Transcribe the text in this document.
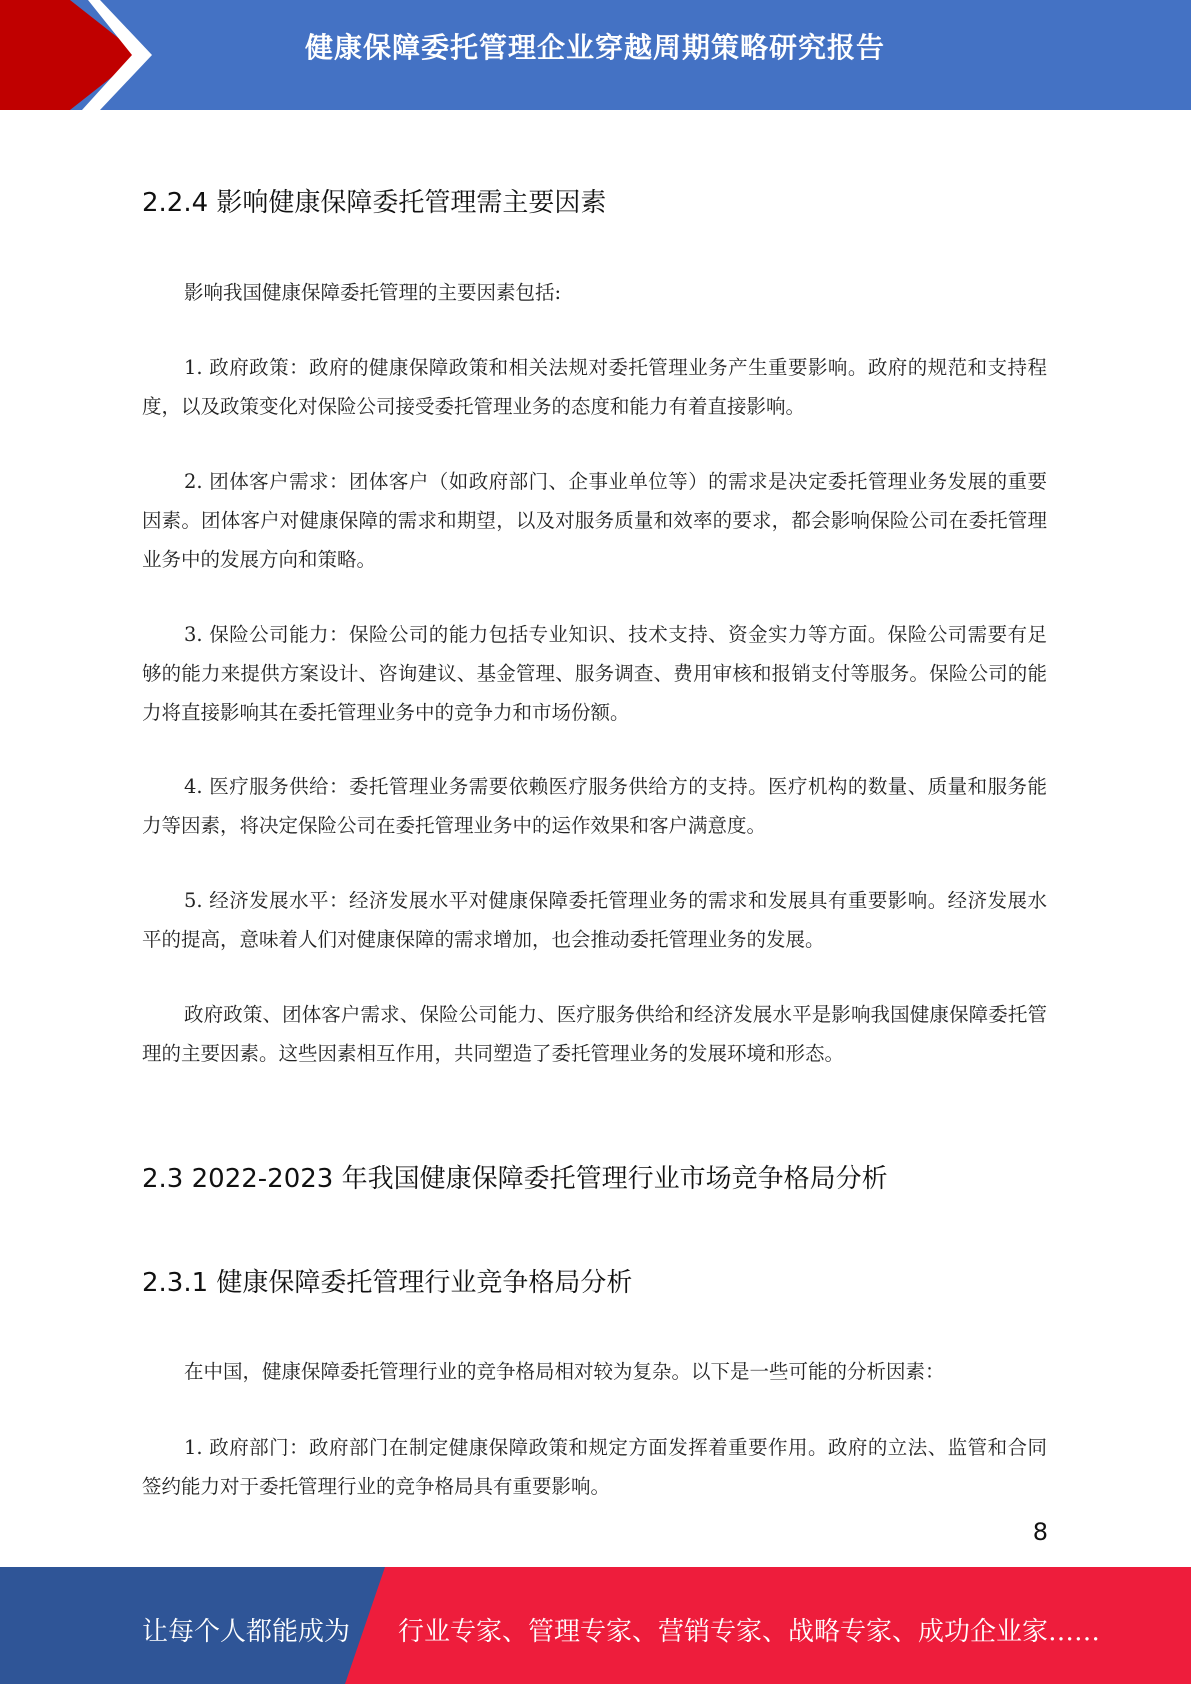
健康保障委托管理企业穿越周期策略研究报告
2.2.4 影响健康保障委托管理需主要因素
影响我国健康保障委托管理的主要因素包括:
1. 政府政策：政府的健康保障政策和相关法规对委托管理业务产生重要影响。政府的规范和支持程度，以及政策变化对保险公司接受委托管理业务的态度和能力有着直接影响。
2. 团体客户需求：团体客户（如政府部门、企事业单位等）的需求是决定委托管理业务发展的重要因素。团体客户对健康保障的需求和期望，以及对服务质量和效率的要求，都会影响保险公司在委托管理业务中的发展方向和策略。
3. 保险公司能力：保险公司的能力包括专业知识、技术支持、资金实力等方面。保险公司需要有足够的能力来提供方案设计、咨询建议、基金管理、服务调查、费用审核和报销支付等服务。保险公司的能力将直接影响其在委托管理业务中的竞争力和市场份额。
4. 医疗服务供给：委托管理业务需要依赖医疗服务供给方的支持。医疗机构的数量、质量和服务能力等因素，将决定保险公司在委托管理业务中的运作效果和客户满意度。
5. 经济发展水平：经济发展水平对健康保障委托管理业务的需求和发展具有重要影响。经济发展水平的提高，意味着人们对健康保障的需求增加，也会推动委托管理业务的发展。
政府政策、团体客户需求、保险公司能力、医疗服务供给和经济发展水平是影响我国健康保障委托管理的主要因素。这些因素相互作用，共同塑造了委托管理业务的发展环境和形态。
2.3 2022-2023 年我国健康保障委托管理行业市场竞争格局分析
2.3.1 健康保障委托管理行业竞争格局分析
在中国，健康保障委托管理行业的竞争格局相对较为复杂。以下是一些可能的分析因素：
1. 政府部门：政府部门在制定健康保障政策和规定方面发挥着重要作用。政府的立法、监管和合同签约能力对于委托管理行业的竞争格局具有重要影响。
8
让每个人都能成为 行业专家、管理专家、营销专家、战略专家、成功企业家……
